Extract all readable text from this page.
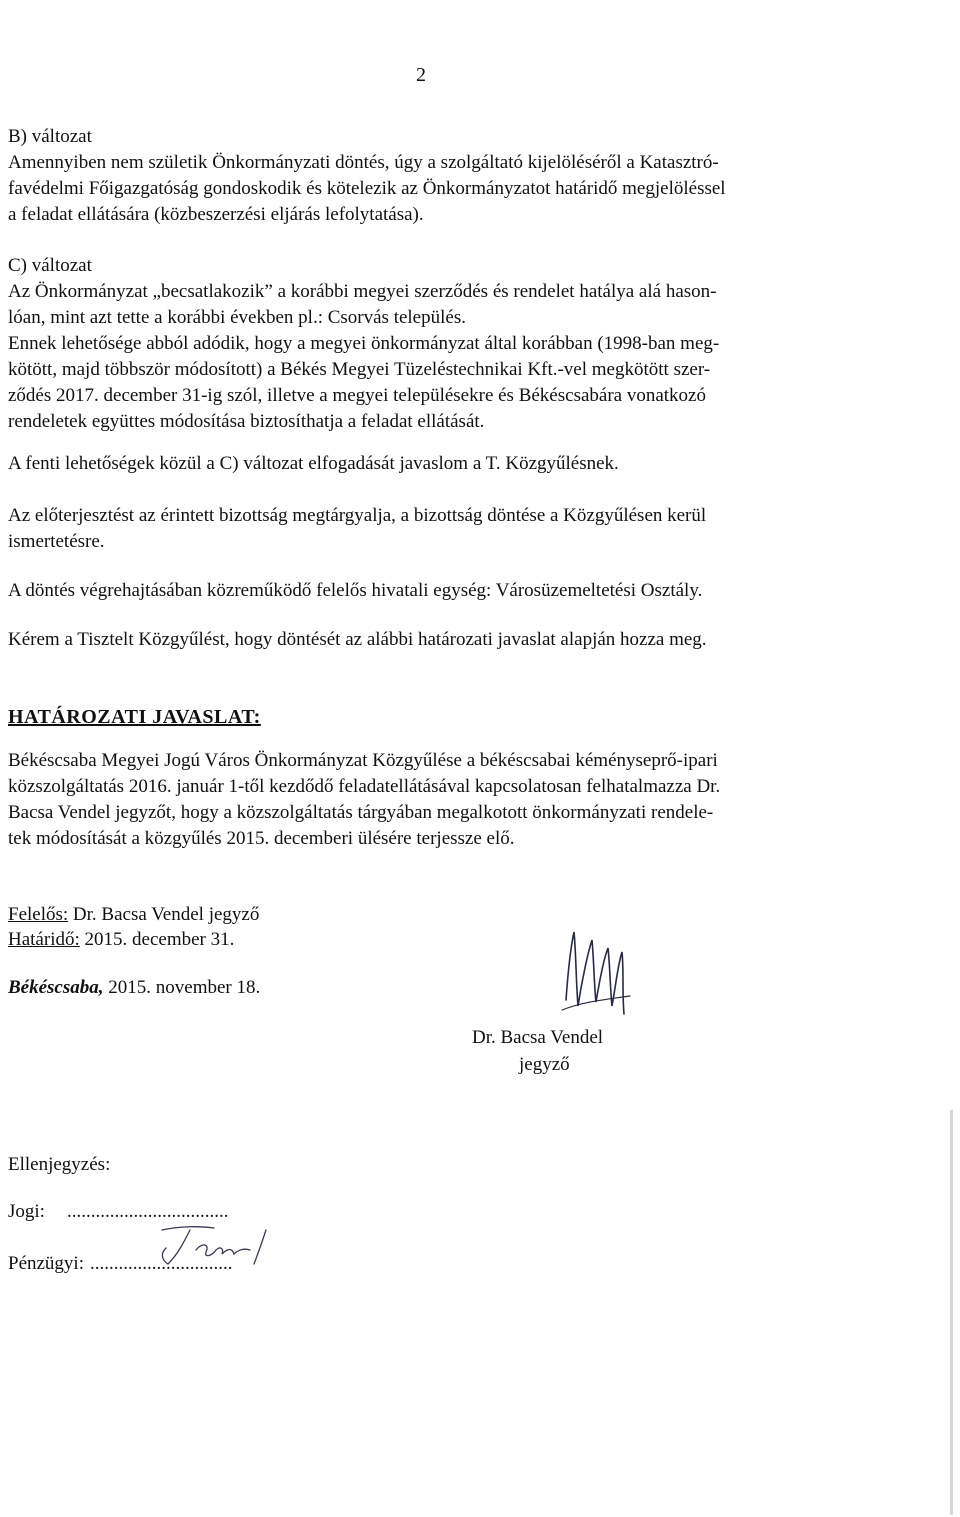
2
B) változat
Amennyiben nem születik Önkormányzati döntés, úgy a szolgáltató kijelöléséről a Katasztró-
favédelmi Főigazgatóság gondoskodik és kötelezik az Önkormányzatot határidő megjelöléssel
a feladat ellátására (közbeszerzési eljárás lefolytatása).
C) változat
Az Önkormányzat „becsatlakozik” a korábbi megyei szerződés és rendelet hatálya alá hason-
lóan, mint azt tette a korábbi években pl.: Csorvás település.
Ennek lehetősége abból adódik, hogy a megyei önkormányzat által korábban (1998-ban meg-
kötött, majd többször módosított) a Békés Megyei Tüzeléstechnikai Kft.-vel megkötött szer-
ződés 2017. december 31-ig szól, illetve a megyei településekre és Békéscsabára vonatkozó
rendeletek együttes módosítása biztosíthatja a feladat ellátását.
A fenti lehetőségek közül a C) változat elfogadását javaslom a T. Közgyűlésnek.
Az előterjesztést az érintett bizottság megtárgyalja, a bizottság döntése a Közgyűlésen kerül
ismertetésre.
A döntés végrehajtásában közreműködő felelős hivatali egység: Városüzemeltetési Osztály.
Kérem a Tisztelt Közgyűlést, hogy döntését az alábbi határozati javaslat alapján hozza meg.
HATÁROZATI JAVASLAT:
Békéscsaba Megyei Jogú Város Önkormányzat Közgyűlése a békéscsabai kéményseprő-ipari
közszolgáltatás 2016. január 1-től kezdődő feladatellátásával kapcsolatosan felhatalmazza Dr.
Bacsa Vendel jegyzőt, hogy a közszolgáltatás tárgyában megalkotott önkormányzati rendele-
tek módosítását a közgyűlés 2015. decemberi ülésére terjessze elő.
Felelős: Dr. Bacsa Vendel jegyző
Határidő: 2015. december 31.
Békéscsaba, 2015. november 18.
Dr. Bacsa Vendel
jegyző
Ellenjegyzés:
Jogi: ..................................
Pénzügyi: ..............................
